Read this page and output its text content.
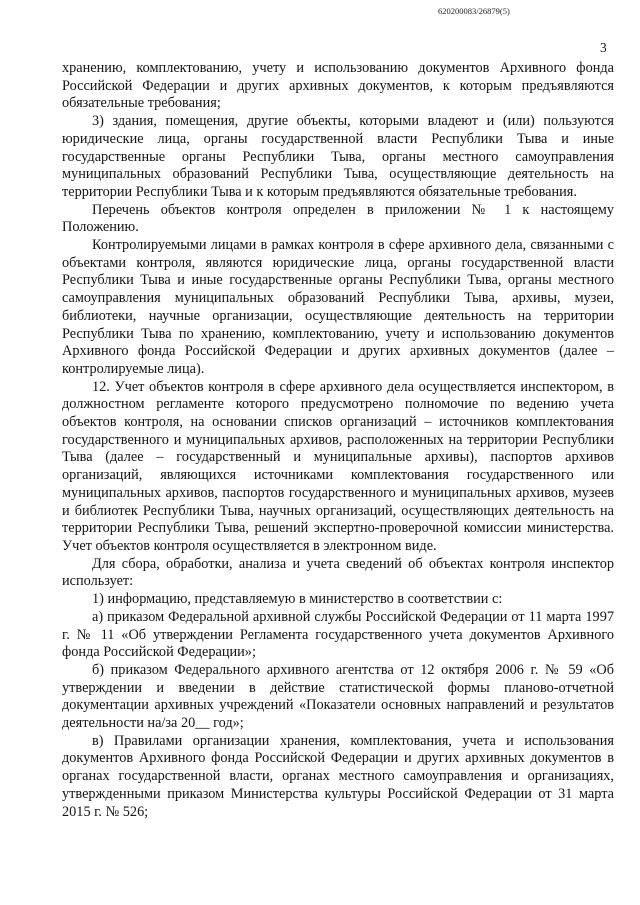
620200083/26879(5)
3

хранению, комплектованию, учету и использованию документов Архивного фонда Российской Федерации и других архивных документов, к которым предъявляются обязательные требования;

3) здания, помещения, другие объекты, которыми владеют и (или) пользуются юридические лица, органы государственной власти Республики Тыва и иные государственные органы Республики Тыва, органы местного самоуправления муниципальных образований Республики Тыва, осуществляющие деятельность на территории Республики Тыва и к которым предъявляются обязательные требования.

Перечень объектов контроля определен в приложении № 1 к настоящему Положению.

Контролируемыми лицами в рамках контроля в сфере архивного дела, связанными с объектами контроля, являются юридические лица, органы государственной власти Республики Тыва и иные государственные органы Республики Тыва, органы местного самоуправления муниципальных образований Республики Тыва, архивы, музеи, библиотеки, научные организации, осуществляющие деятельность на территории Республики Тыва по хранению, комплектованию, учету и использованию документов Архивного фонда Российской Федерации и других архивных документов (далее – контролируемые лица).

12. Учет объектов контроля в сфере архивного дела осуществляется инспектором, в должностном регламенте которого предусмотрено полномочие по ведению учета объектов контроля, на основании списков организаций – источников комплектования государственного и муниципальных архивов, расположенных на территории Республики Тыва (далее – государственный и муниципальные архивы), паспортов архивов организаций, являющихся источниками комплектования государственного или муниципальных архивов, паспортов государственного и муниципальных архивов, музеев и библиотек Республики Тыва, научных организаций, осуществляющих деятельность на территории Республики Тыва, решений экспертно-проверочной комиссии министерства. Учет объектов контроля осуществляется в электронном виде.

Для сбора, обработки, анализа и учета сведений об объектах контроля инспектор использует:

1) информацию, представляемую в министерство в соответствии с:

а) приказом Федеральной архивной службы Российской Федерации от 11 марта 1997 г. № 11 «Об утверждении Регламента государственного учета документов Архивного фонда Российской Федерации»;

б) приказом Федерального архивного агентства от 12 октября 2006 г. № 59 «Об утверждении и введении в действие статистической формы планово-отчетной документации архивных учреждений «Показатели основных направлений и результатов деятельности на/за 20__ год»;

в) Правилами организации хранения, комплектования, учета и использования документов Архивного фонда Российской Федерации и других архивных документов в органах государственной власти, органах местного самоуправления и организациях, утвержденными приказом Министерства культуры Российской Федерации от 31 марта 2015 г. № 526;
